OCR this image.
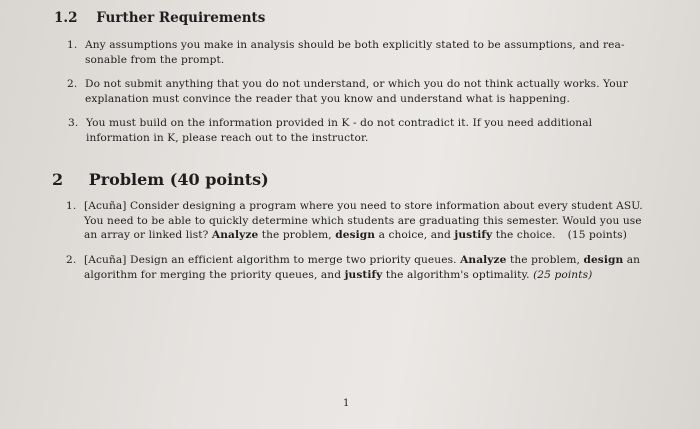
1.2 Further Requirements
1. Any assumptions you make in analysis should be both explicitly stated to be assumptions, and rea-
sonable from the prompt.
2. Do not submit anything that you do not understand, or which you do not think actually works. Your
explanation must convince the reader that you know and understand what is happening.
3. You must build on the information provided in K - do not contradict it. If you need additional
information in K, please reach out to the instructor.
2 Problem (40 points)
1. [Acuña] Consider designing a program where you need to store information about every student ASU.
You need to be able to quickly determine which students are graduating this semester. Would you use
an array or linked list? Analyze the problem, design a choice, and justify the choice. (15 points)
2. [Acuña] Design an efficient algorithm to merge two priority queues. Analyze the problem, design an
algorithm for merging the priority queues, and justify the algorithm's optimality. (25 points)
1
